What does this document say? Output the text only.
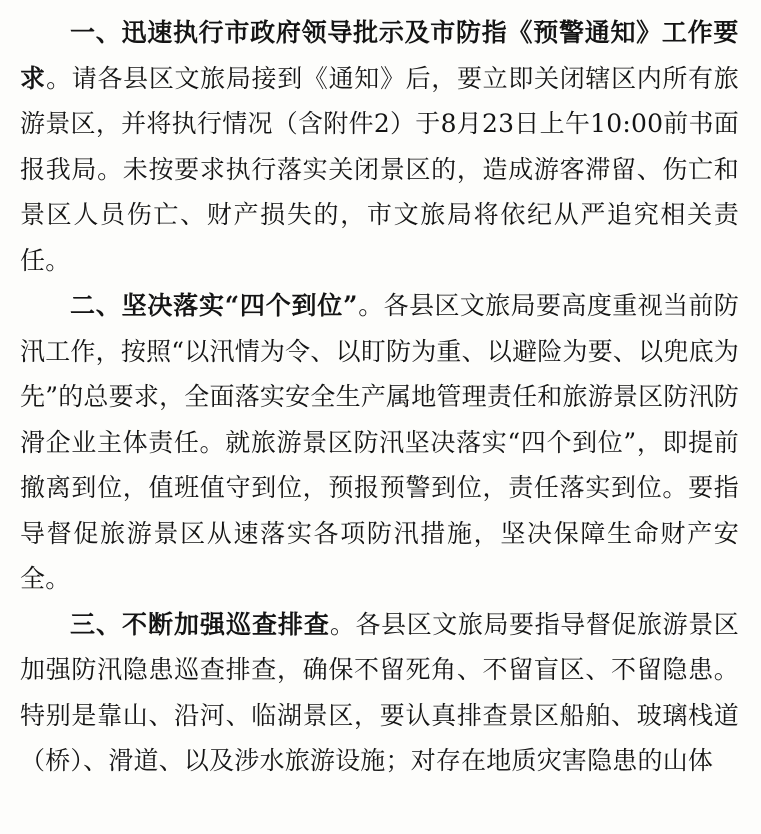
一、迅速执行市政府领导批示及市防指《预警通知》工作要求。请各县区文旅局接到《通知》后，要立即关闭辖区内所有旅游景区，并将执行情况（含附件2）于8月23日上午10:00前书面报我局。未按要求执行落实关闭景区的，造成游客滞留、伤亡和景区人员伤亡、财产损失的，市文旅局将依纪从严追究相关责任。

二、坚决落实“四个到位”。各县区文旅局要高度重视当前防汛工作，按照“以汛情为令、以盯防为重、以避险为要、以兜底为先”的总要求，全面落实安全生产属地管理责任和旅游景区防汛防滑企业主体责任。就旅游景区防汛坚决落实“四个到位”，即提前撤离到位，值班值守到位，预报预警到位，责任落实到位。要指导督促旅游景区从速落实各项防汛措施，坚决保障生命财产安全。

三、不断加强巡查排查。各县区文旅局要指导督促旅游景区加强防汛隐患巡查排查，确保不留死角、不留盲区、不留隐患。特别是靠山、沿河、临湖景区，要认真排查景区船舶、玻璃栈道（桥）、滑道、以及涉水旅游设施；对存在地质灾害隐患的山体
